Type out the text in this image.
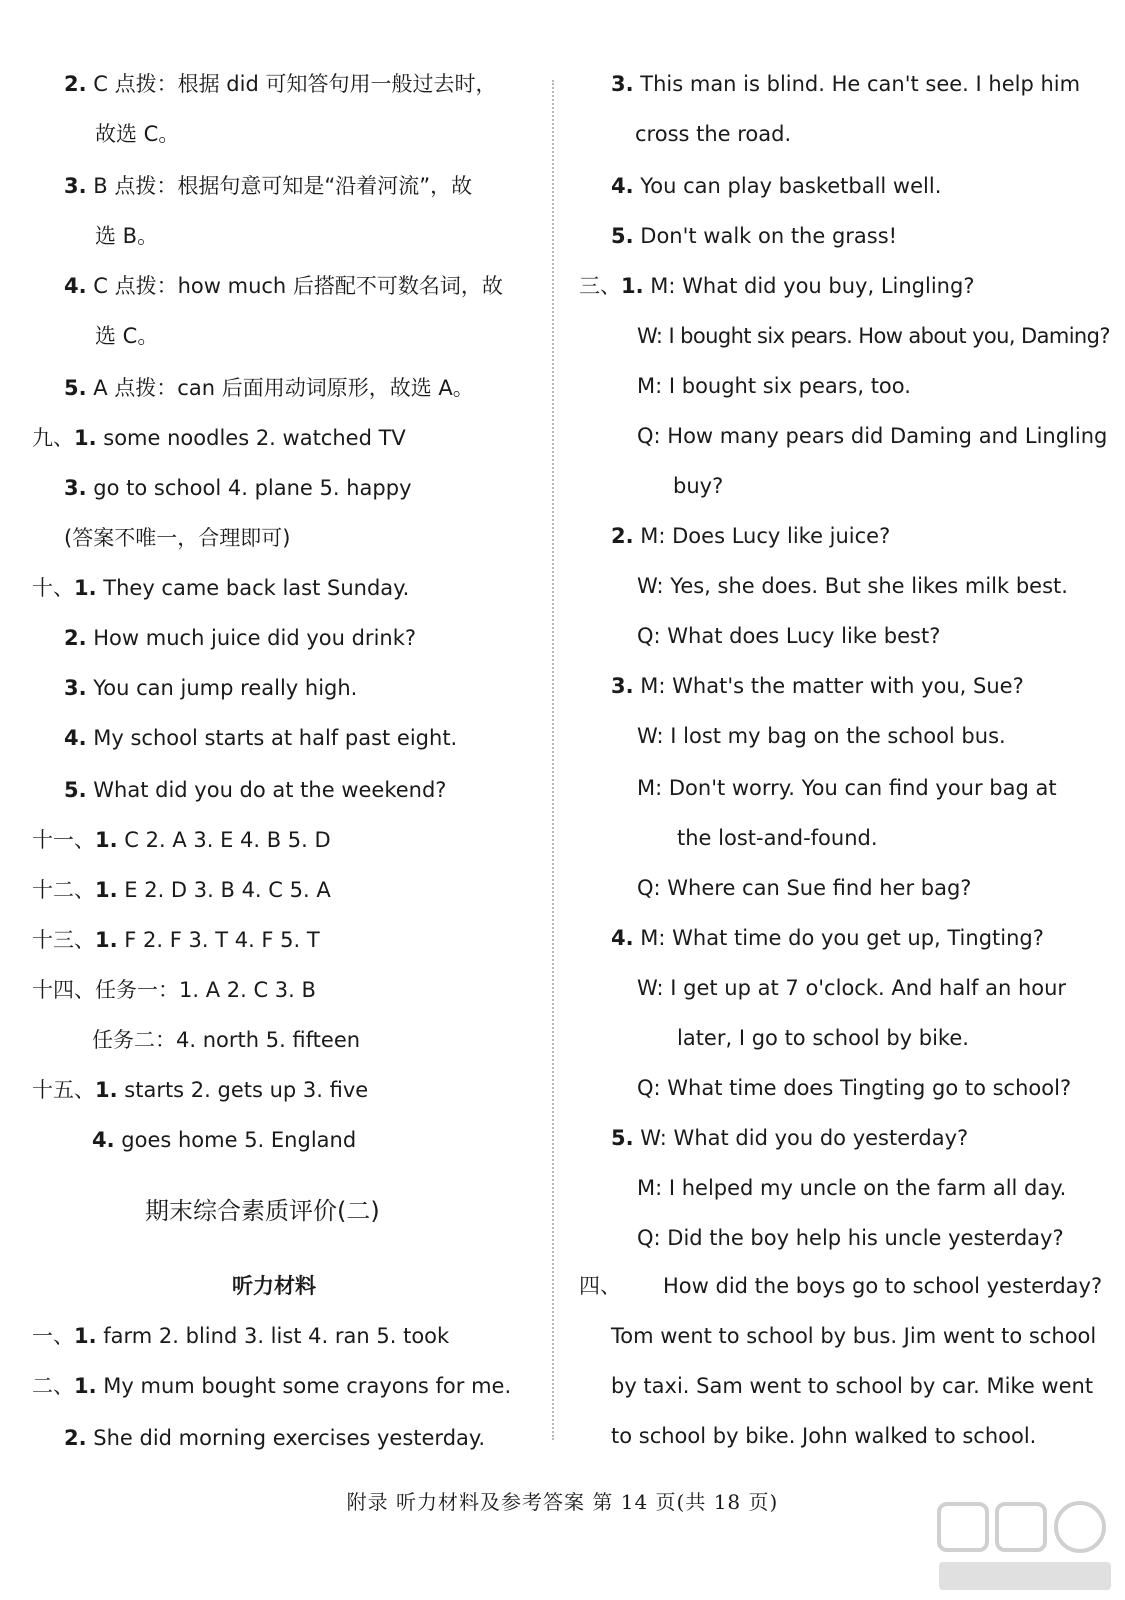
2. C 点拨：根据 did 可知答句用一般过去时，
故选 C。
3. B 点拨：根据句意可知是“沿着河流”，故
选 B。
4. C 点拨：how much 后搭配不可数名词，故
选 C。
5. A 点拨：can 后面用动词原形，故选 A。
九、1. some noodles 2. watched TV
3. go to school 4. plane 5. happy
(答案不唯一，合理即可)
十、1. They came back last Sunday.
2. How much juice did you drink?
3. You can jump really high.
4. My school starts at half past eight.
5. What did you do at the weekend?
十一、1. C 2. A 3. E 4. B 5. D
十二、1. E 2. D 3. B 4. C 5. A
十三、1. F 2. F 3. T 4. F 5. T
十四、任务一：1. A 2. C 3. B
任务二：4. north 5. fifteen
十五、1. starts 2. gets up 3. five
4. goes home 5. England
期末综合素质评价(二)
听力材料
一、1. farm 2. blind 3. list 4. ran 5. took
二、1. My mum bought some crayons for me.
2. She did morning exercises yesterday.
3. This man is blind. He can't see. I help him
cross the road.
4. You can play basketball well.
5. Don't walk on the grass!
三、1. M: What did you buy, Lingling?
W: I bought six pears. How about you, Daming?
M: I bought six pears, too.
Q: How many pears did Daming and Lingling
buy?
2. M: Does Lucy like juice?
W: Yes, she does. But she likes milk best.
Q: What does Lucy like best?
3. M: What's the matter with you, Sue?
W: I lost my bag on the school bus.
M: Don't worry. You can find your bag at
the lost-and-found.
Q: Where can Sue find her bag?
4. M: What time do you get up, Tingting?
W: I get up at 7 o'clock. And half an hour
later, I go to school by bike.
Q: What time does Tingting go to school?
5. W: What did you do yesterday?
M: I helped my uncle on the farm all day.
Q: Did the boy help his uncle yesterday?
四、 How did the boys go to school yesterday?
Tom went to school by bus. Jim went to school
by taxi. Sam went to school by car. Mike went
to school by bike. John walked to school.
附录 听力材料及参考答案 第 14 页(共 18 页)
